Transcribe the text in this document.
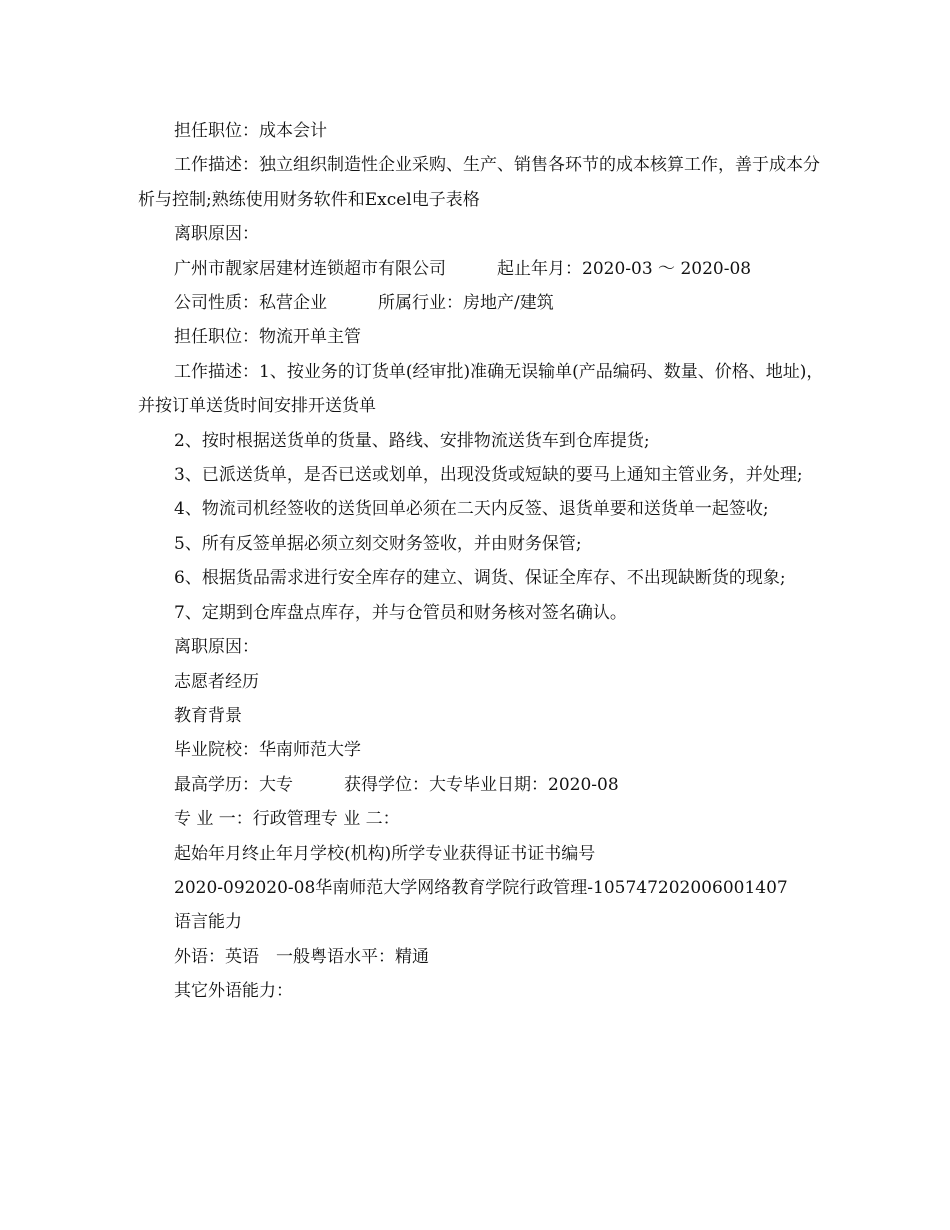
担任职位：成本会计

工作描述：独立组织制造性企业采购、生产、销售各环节的成本核算工作，善于成本分析与控制;熟练使用财务软件和Excel电子表格

离职原因：

广州市靓家居建材连锁超市有限公司　　　起止年月：2020-03 ～ 2020-08

公司性质：私营企业　　　所属行业：房地产/建筑

担任职位：物流开单主管

工作描述：1、按业务的订货单(经审批)准确无误输单(产品编码、数量、价格、地址)，并按订单送货时间安排开送货单

2、按时根据送货单的货量、路线、安排物流送货车到仓库提货;

3、已派送货单，是否已送或划单，出现没货或短缺的要马上通知主管业务，并处理;

4、物流司机经签收的送货回单必须在二天内反签、退货单要和送货单一起签收;

5、所有反签单据必须立刻交财务签收，并由财务保管;

6、根据货品需求进行安全库存的建立、调货、保证全库存、不出现缺断货的现象;

7、定期到仓库盘点库存，并与仓管员和财务核对签名确认。

离职原因：

志愿者经历

教育背景

毕业院校：华南师范大学

最高学历：大专　　　获得学位：大专毕业日期：2020-08

专 业 一：行政管理专 业 二：

起始年月终止年月学校(机构)所学专业获得证书证书编号

2020-092020-08华南师范大学网络教育学院行政管理-105747202006001407

语言能力

外语：英语　一般粤语水平：精通

其它外语能力：
